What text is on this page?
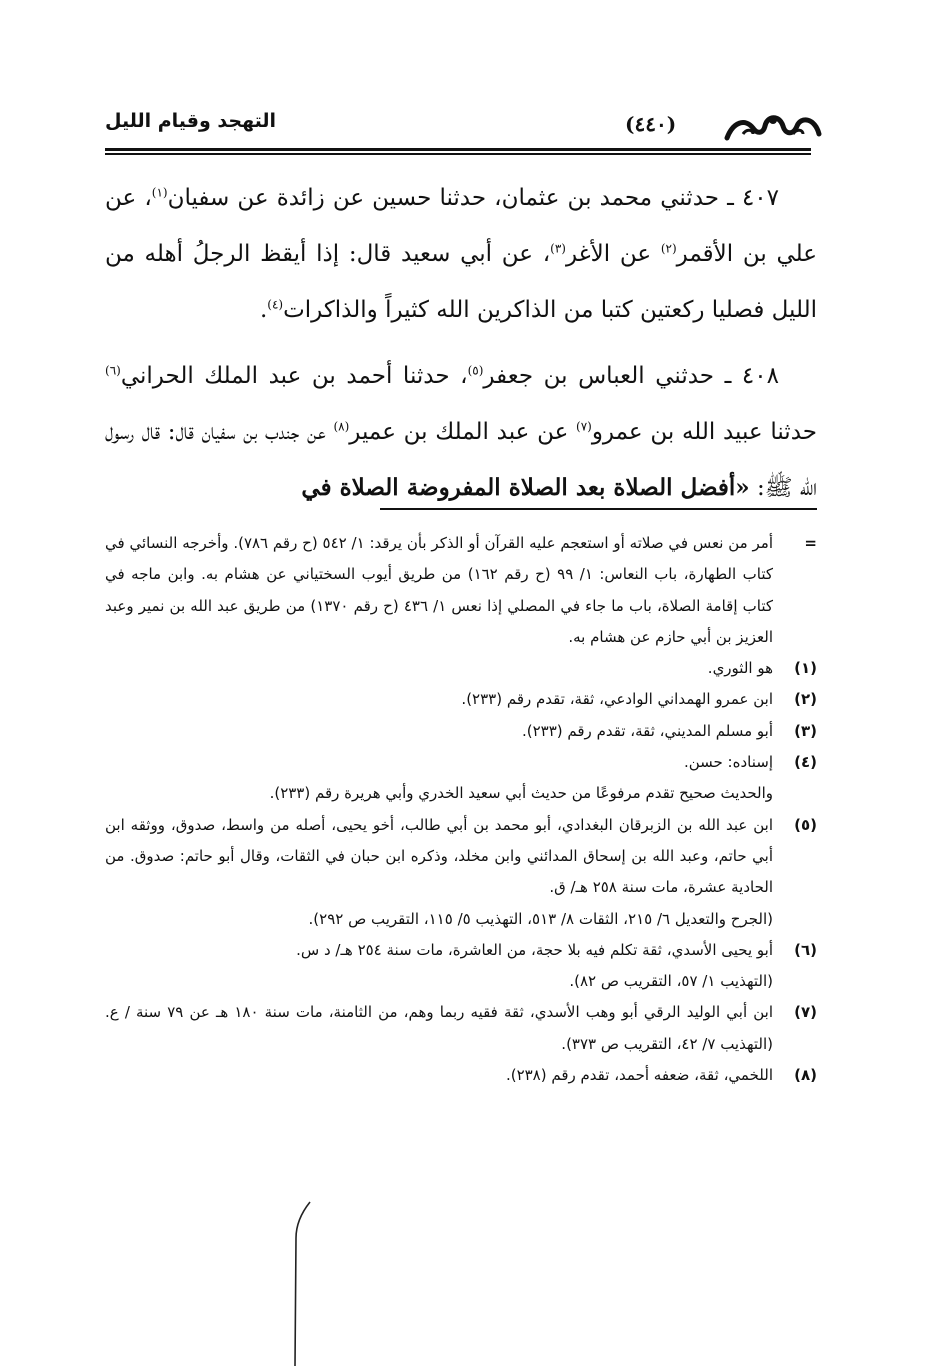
التهجد وقيام الليل	(٤٤٠)

٤٠٧ ـ حدثني محمد بن عثمان، حدثنا حسين عن زائدة عن سفيان$^{(١)}$، عن علي بن الأقمر$^{(٢)}$ عن الأغر$^{(٣)}$، عن أبي سعيد قال: إذا أيقظ الرجلُ أهله من الليل فصليا ركعتين كتبا من الذاكرين الله كثيراً والذاكرات$^{(٤)}$.

٤٠٨ ـ حدثني العباس بن جعفر$^{(٥)}$، حدثنا أحمد بن عبد الملك الحراني$^{(٦)}$ حدثنا عبيد الله بن عمرو$^{(٧)}$ عن عبد الملك بن عمير$^{(٨)}$ عن جندب بن سفيان قال: قال رسول الله ﷺ: «أفضل الصلاة بعد الصلاة المفروضة الصلاة في

=
أمر من نعس في صلاته أو استعجم عليه القرآن أو الذكر بأن يرقد: ١/ ٥٤٢ (ح رقم ٧٨٦). وأخرجه النسائي في كتاب الطهارة، باب النعاس: ١/ ٩٩ (ح رقم ١٦٢) من طريق أيوب السختياني عن هشام به. وابن ماجه في كتاب إقامة الصلاة، باب ما جاء في المصلي إذا نعس ١/ ٤٣٦ (ح رقم ١٣٧٠) من طريق عبد الله بن نمير وعبد العزيز بن أبي حازم عن هشام به.
(١)
هو الثوري.
(٢)
ابن عمرو الهمداني الوادعي، ثقة، تقدم رقم (٢٣٣).
(٣)
أبو مسلم المديني، ثقة، تقدم رقم (٢٣٣).
(٤)
إسناده: حسن.
والحديث صحيح تقدم مرفوعًا من حديث أبي سعيد الخدري وأبي هريرة رقم (٢٣٣).
(٥)
ابن عبد الله بن الزبرقان البغدادي، أبو محمد بن أبي طالب، أخو يحيى، أصله من واسط، صدوق، ووثقه ابن أبي حاتم، وعبد الله بن إسحاق المدائني وابن مخلد، وذكره ابن حبان في الثقات، وقال أبو حاتم: صدوق. من الحادية عشرة، مات سنة ٢٥٨ هـ/ ق.
(الجرح والتعديل ٦/ ٢١٥، الثقات ٨/ ٥١٣، التهذيب ٥/ ١١٥، التقريب ص ٢٩٢).
(٦)
أبو يحيى الأسدي، ثقة تكلم فيه بلا حجة، من العاشرة، مات سنة ٢٥٤ هـ/ د س.
(التهذيب ١/ ٥٧، التقريب ص ٨٢).
(٧)
ابن أبي الوليد الرقي أبو وهب الأسدي، ثقة فقيه ربما وهم، من الثامنة، مات سنة ١٨٠ هـ عن ٧٩ سنة / ع. (التهذيب ٧/ ٤٢، التقريب ص ٣٧٣).
(٨)
اللخمي، ثقة، ضعفه أحمد، تقدم رقم (٢٣٨).
